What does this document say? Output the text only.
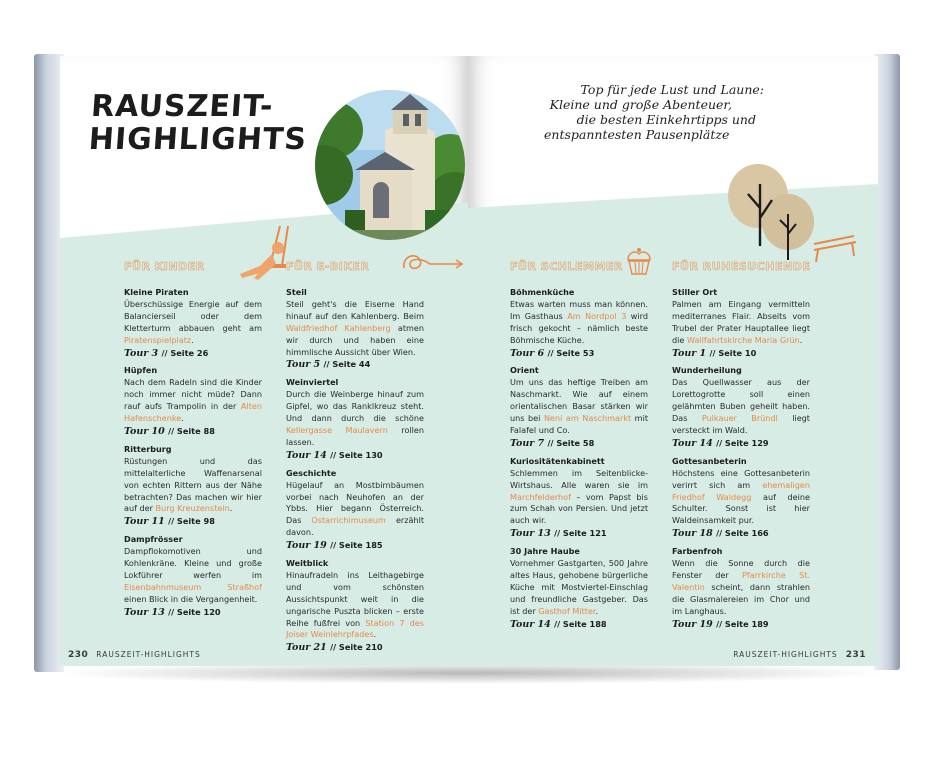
RAUSZEIT-
HIGHLIGHTS
FÜR KINDER
Kleine Piraten
Überschüssige Energie auf dem Balancierseil oder dem Kletterturm abbauen geht am Piratenspielplatz.
Tour 3 // Seite 26
Hüpfen
Nach dem Radeln sind die Kinder noch immer nicht müde? Dann rauf aufs Trampolin in der Alten Hafenschenke.
Tour 10 // Seite 88
Ritterburg
Rüstungen und das mittelalterliche Waffenarsenal von echten Rittern aus der Nähe betrachten? Das machen wir hier auf der Burg Kreuzenstein.
Tour 11 // Seite 98
Dampfrösser
Dampflokomotiven und Kohlenkräne. Kleine und große Lokführer werfen im Eisenbahnmuseum Straßhof einen Blick in die Vergangenheit.
Tour 13 // Seite 120
FÜR E-BIKER
Steil
Steil geht's die Eiserne Hand hinauf auf den Kahlenberg. Beim Waldfriedhof Kahlenberg atmen wir durch und haben eine himmlische Aussicht über Wien.
Tour 5 // Seite 44
Weinviertel
Durch die Weinberge hinauf zum Gipfel, wo das Ranklkreuz steht. Und dann durch die schöne Kellergasse Maulavern rollen lassen.
Tour 14 // Seite 130
Geschichte
Hügelauf an Mostbirnbäumen vorbei nach Neuhofen an der Ybbs. Hier begann Österreich. Das Ostarrichimuseum erzählt davon.
Tour 19 // Seite 185
Weitblick
Hinaufradeln ins Leithagebirge und vom schönsten Aussichtspunkt weit in die ungarische Puszta blicken – erste Reihe fußfrei von Station 7 des Joiser Weinlehrpfades.
Tour 21 // Seite 210
230 RAUSZEIT-HIGHLIGHTS
Top für jede Lust und Laune:
Kleine und große Abenteuer,
die besten Einkehrtipps und
entspanntesten Pausenplätze
FÜR SCHLEMMER
Böhmenküche
Etwas warten muss man können. Im Gasthaus Am Nordpol 3 wird frisch gekocht – nämlich beste Böhmische Küche.
Tour 6 // Seite 53
Orient
Um uns das heftige Treiben am Naschmarkt. Wie auf einem orientalischen Basar stärken wir uns bei Neni am Naschmarkt mit Falafel und Co.
Tour 7 // Seite 58
Kuriositätenkabinett
Schlemmen im Seitenblicke-Wirtshaus. Alle waren sie im Marchfelderhof – vom Papst bis zum Schah von Persien. Und jetzt auch wir.
Tour 13 // Seite 121
30 Jahre Haube
Vornehmer Gastgarten, 500 Jahre altes Haus, gehobene bürgerliche Küche mit Mostviertel-Einschlag und freundliche Gastgeber. Das ist der Gasthof Mitter.
Tour 14 // Seite 188
FÜR RUHESUCHENDE
Stiller Ort
Palmen am Eingang vermitteln mediterranes Flair. Abseits vom Trubel der Prater Hauptallee liegt die Wallfahrtskirche Maria Grün.
Tour 1 // Seite 10
Wunderheilung
Das Quellwasser aus der Lorettogrotte soll einen gelähmten Buben geheilt haben. Das Pulkauer Bründl liegt versteckt im Wald.
Tour 14 // Seite 129
Gottesanbeterin
Höchstens eine Gottesanbeterin verirrt sich am ehemaligen Friedhof Waldegg auf deine Schulter. Sonst ist hier Waldeinsamkeit pur.
Tour 18 // Seite 166
Farbenfroh
Wenn die Sonne durch die Fenster der Pfarrkirche St. Valentin scheint, dann strahlen die Glasmalereien im Chor und im Langhaus.
Tour 19 // Seite 189
RAUSZEIT-HIGHLIGHTS 231
